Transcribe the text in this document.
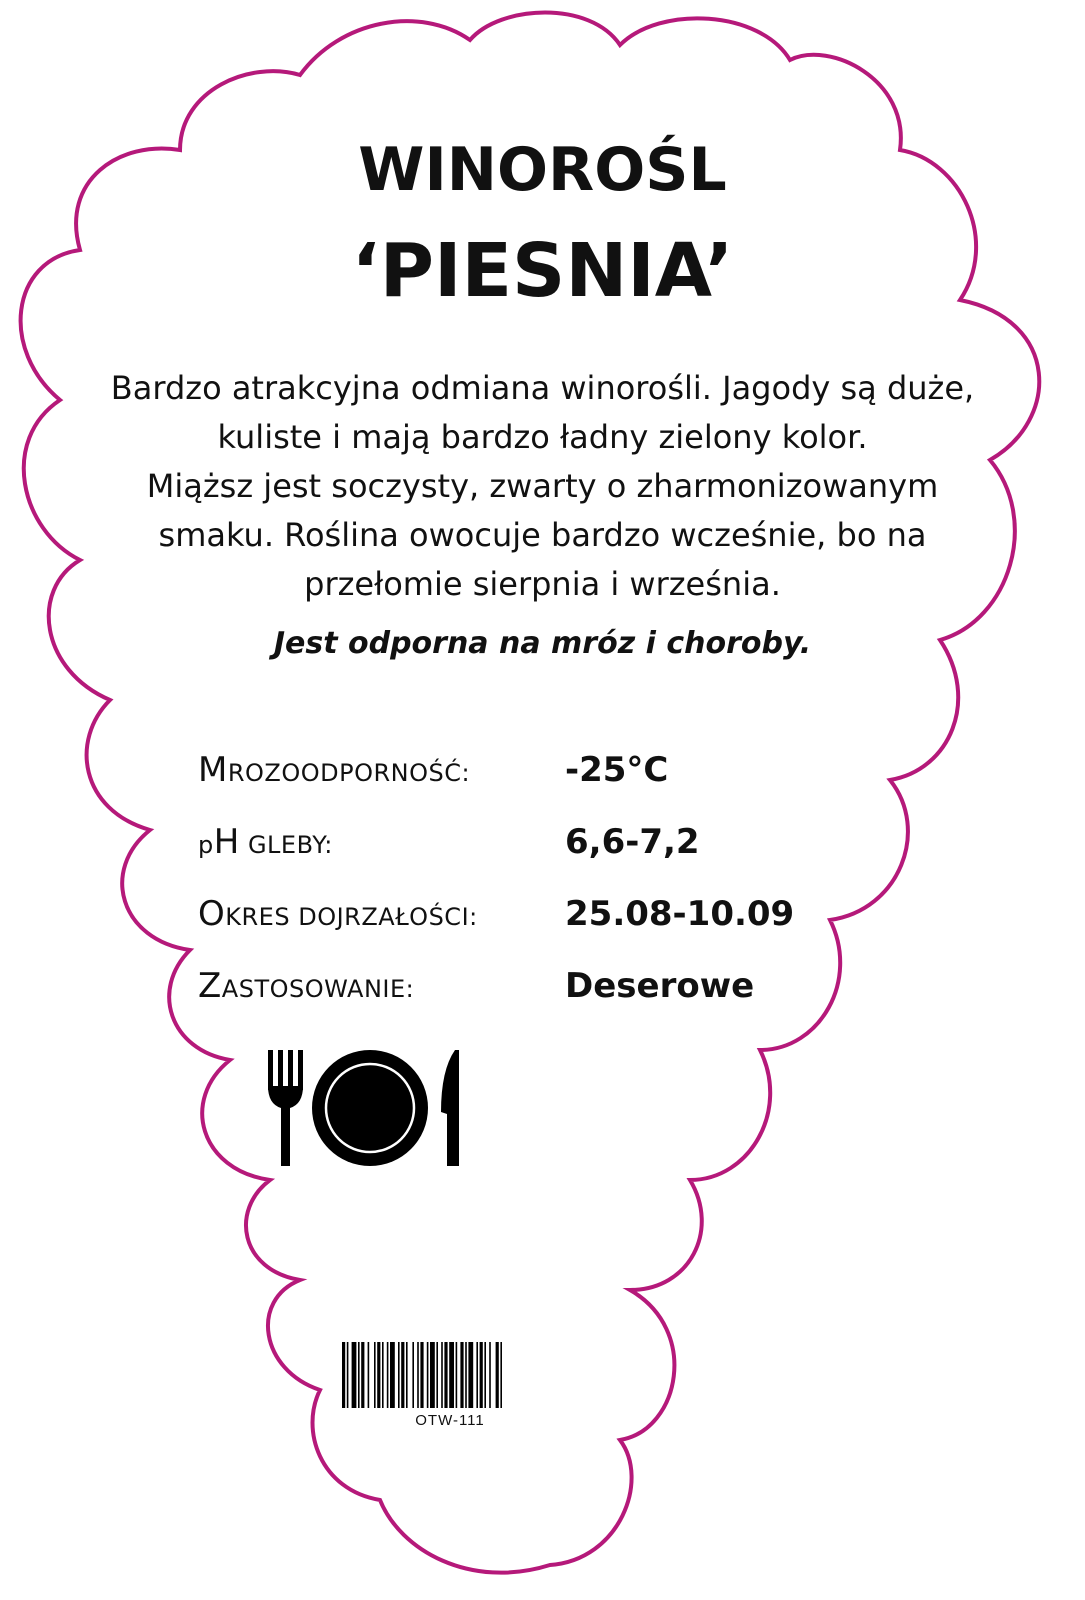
WINOROŚL
‘PIESNIA’
Bardzo atrakcyjna odmiana winorośli. Jagody są duże,
kuliste i mają bardzo ładny zielony kolor.
Miąższ jest soczysty, zwarty o zharmonizowanym
smaku. Roślina owocuje bardzo wcześnie, bo na
przełomie sierpnia i września.
Jest odporna na mróz i choroby.
MROZOODPORNOŚĆ:	-25°C
pH GLEBY:	6,6-7,2
OKRES DOJRZAŁOŚCI:	25.08-10.09
ZASTOSOWANIE:	Deserowe
OTW-111
